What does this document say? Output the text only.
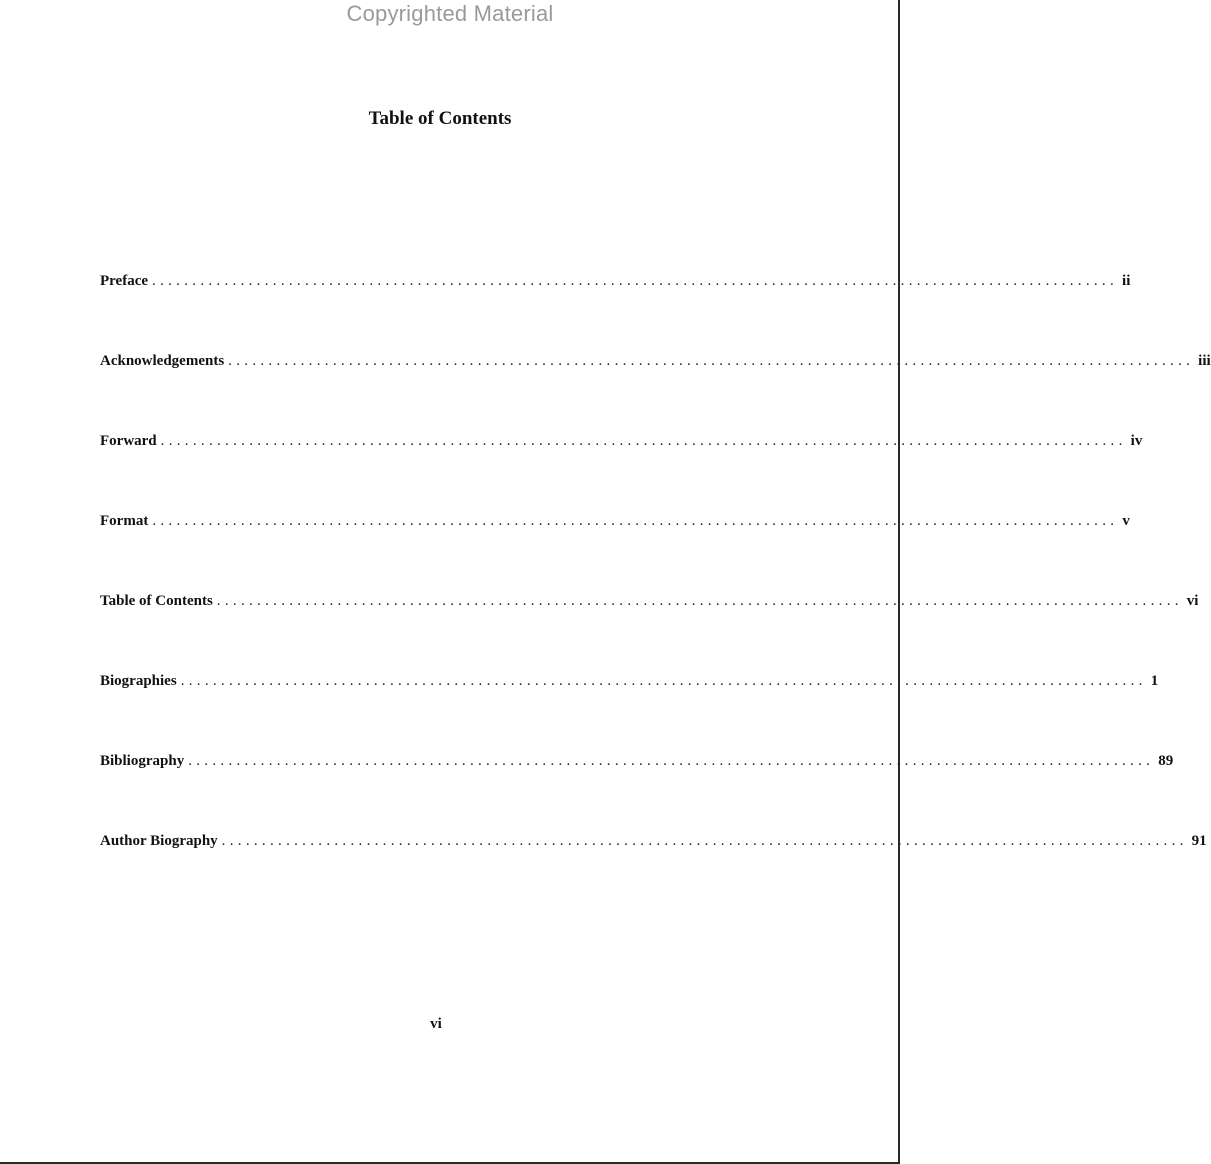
Copyrighted Material
Table of Contents
Preface ........................................................................................................................ ii
Acknowledgements ........................................................................................................................ iii
Forward ........................................................................................................................ iv
Format ........................................................................................................................ v
Table of Contents ........................................................................................................................ vi
Biographies ........................................................................................................................ 1
Bibliography ........................................................................................................................ 89
Author Biography ........................................................................................................................ 91
vi
